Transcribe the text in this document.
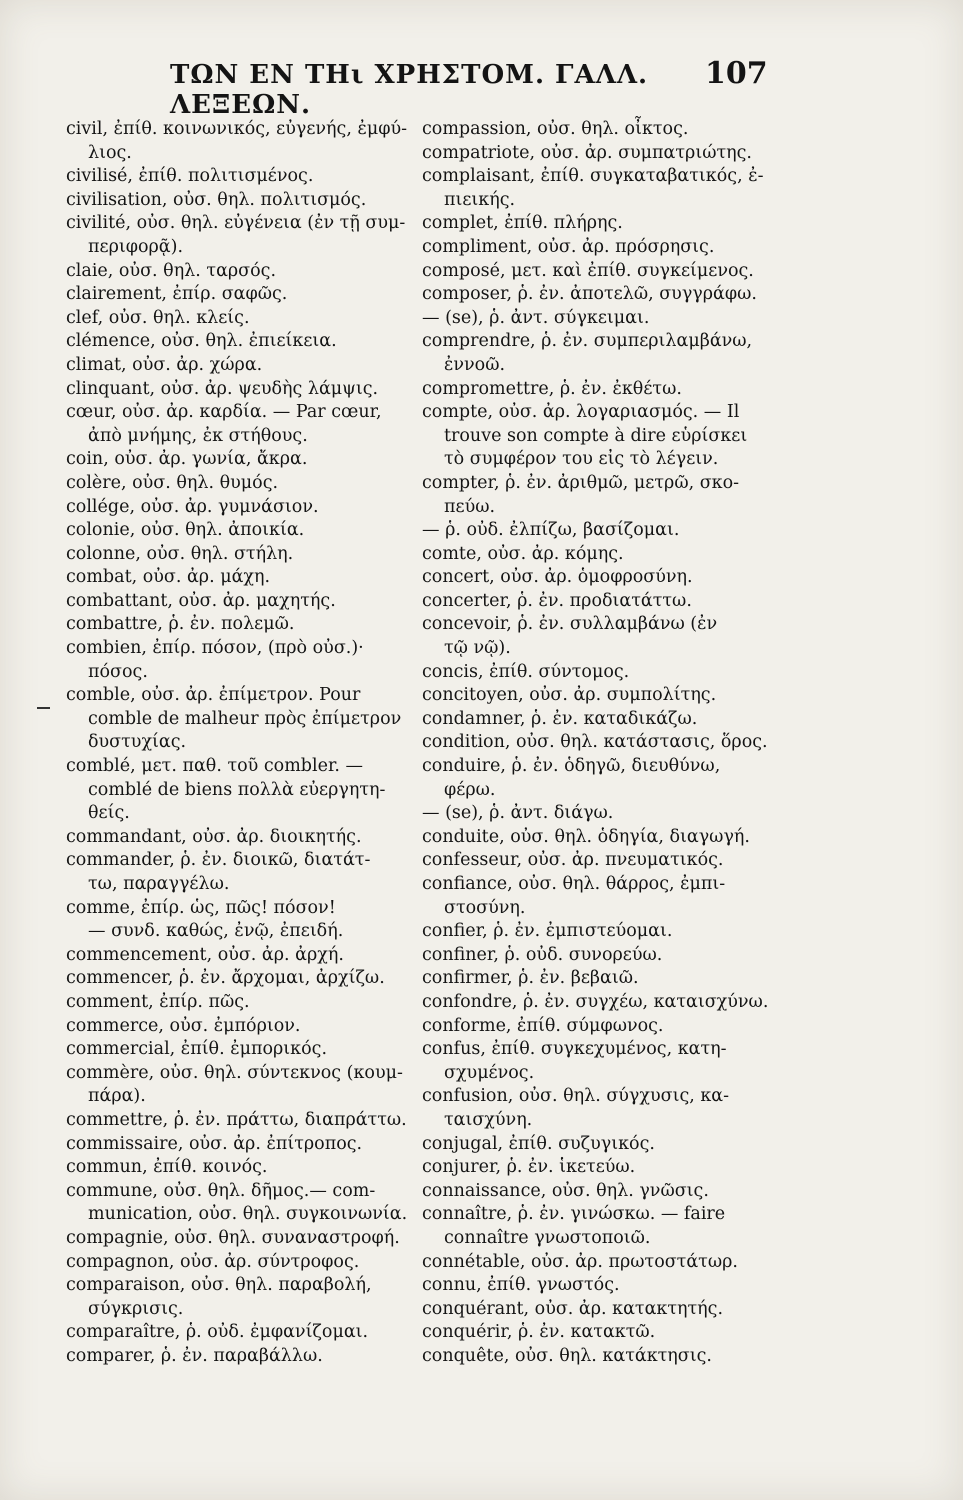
ΤΩΝ ΕΝ ΤΗι ΧΡΗΣΤΟΜ. ΓΑΛΛ. ΛΕΞΕΩΝ.
107
civil, ἐπίθ. κοινωνικός, εὐγενής, ἐμφύ-
λιος.
civilisé, ἐπίθ. πολιτισμένος.
civilisation, οὐσ. θηλ. πολιτισμός.
civilité, οὐσ. θηλ. εὐγένεια (ἐν τῇ συμ-
περιφορᾷ).
claie, οὐσ. θηλ. ταρσός.
clairement, ἐπίρ. σαφῶς.
clef, οὐσ. θηλ. κλείς.
clémence, οὐσ. θηλ. ἐπιείκεια.
climat, οὐσ. ἀρ. χώρα.
clinquant, οὐσ. ἀρ. ψευδὴς λάμψις.
cœur, οὐσ. ἀρ. καρδία. — Par cœur,
ἀπὸ μνήμης, ἐκ στήθους.
coin, οὐσ. ἀρ. γωνία, ἄκρα.
colère, οὐσ. θηλ. θυμός.
collége, οὐσ. ἀρ. γυμνάσιον.
colonie, οὐσ. θηλ. ἀποικία.
colonne, οὐσ. θηλ. στήλη.
combat, οὐσ. ἀρ. μάχη.
combattant, οὐσ. ἀρ. μαχητής.
combattre, ῥ. ἐν. πολεμῶ.
combien, ἐπίρ. πόσον, (πρὸ οὐσ.)·
πόσος.
comble, οὐσ. ἀρ. ἐπίμετρον. Pour
comble de malheur πρὸς ἐπίμετρον
δυστυχίας.
comblé, μετ. παθ. τοῦ combler. —
comblé de biens πολλὰ εὐεργητη-
θείς.
commandant, οὐσ. ἀρ. διοικητής.
commander, ῥ. ἐν. διοικῶ, διατάτ-
τω, παραγγέλω.
comme, ἐπίρ. ὡς, πῶς! πόσον!
— συνδ. καθώς, ἐνῷ, ἐπειδή.
commencement, οὐσ. ἀρ. ἀρχή.
commencer, ῥ. ἐν. ἄρχομαι, ἀρχίζω.
comment, ἐπίρ. πῶς.
commerce, οὐσ. ἐμπόριον.
commercial, ἐπίθ. ἐμπορικός.
commère, οὐσ. θηλ. σύντεκνος (κουμ-
πάρα).
commettre, ῥ. ἐν. πράττω, διαπράττω.
commissaire, οὐσ. ἀρ. ἐπίτροπος.
commun, ἐπίθ. κοινός.
commune, οὐσ. θηλ. δῆμος.— com-
munication, οὐσ. θηλ. συγκοινωνία.
compagnie, οὐσ. θηλ. συναναστροφή.
compagnon, οὐσ. ἀρ. σύντροφος.
comparaison, οὐσ. θηλ. παραβολή,
σύγκρισις.
comparaître, ῥ. οὐδ. ἐμφανίζομαι.
comparer, ῥ. ἐν. παραβάλλω.
compassion, οὐσ. θηλ. οἶκτος.
compatriote, οὐσ. ἀρ. συμπατριώτης.
complaisant, ἐπίθ. συγκαταβατικός, ἐ-
πιεικής.
complet, ἐπίθ. πλήρης.
compliment, οὐσ. ἀρ. πρόσρησις.
composé, μετ. καὶ ἐπίθ. συγκείμενος.
composer, ῥ. ἐν. ἀποτελῶ, συγγράφω.
— (se), ῥ. ἀντ. σύγκειμαι.
comprendre, ῥ. ἐν. συμπεριλαμβάνω,
ἐννοῶ.
compromettre, ῥ. ἐν. ἐκθέτω.
compte, οὐσ. ἀρ. λογαριασμός. — Il
trouve son compte à dire εὑρίσκει
τὸ συμφέρον του εἰς τὸ λέγειν.
compter, ῥ. ἐν. ἀριθμῶ, μετρῶ, σκο-
πεύω.
— ῥ. οὐδ. ἐλπίζω, βασίζομαι.
comte, οὐσ. ἀρ. κόμης.
concert, οὐσ. ἀρ. ὁμοφροσύνη.
concerter, ῥ. ἐν. προδιατάττω.
concevoir, ῥ. ἐν. συλλαμβάνω (ἐν
τῷ νῷ).
concis, ἐπίθ. σύντομος.
concitoyen, οὐσ. ἀρ. συμπολίτης.
condamner, ῥ. ἐν. καταδικάζω.
condition, οὐσ. θηλ. κατάστασις, ὅρος.
conduire, ῥ. ἐν. ὁδηγῶ, διευθύνω,
φέρω.
— (se), ῥ. ἀντ. διάγω.
conduite, οὐσ. θηλ. ὁδηγία, διαγωγή.
confesseur, οὐσ. ἀρ. πνευματικός.
confiance, οὐσ. θηλ. θάρρος, ἐμπι-
στοσύνη.
confier, ῥ. ἐν. ἐμπιστεύομαι.
confiner, ῥ. οὐδ. συνορεύω.
confirmer, ῥ. ἐν. βεβαιῶ.
confondre, ῥ. ἐν. συγχέω, καταισχύνω.
conforme, ἐπίθ. σύμφωνος.
confus, ἐπίθ. συγκεχυμένος, κατη-
σχυμένος.
confusion, οὐσ. θηλ. σύγχυσις, κα-
ταισχύνη.
conjugal, ἐπίθ. συζυγικός.
conjurer, ῥ. ἐν. ἱκετεύω.
connaissance, οὐσ. θηλ. γνῶσις.
connaître, ῥ. ἐν. γινώσκω. — faire
connaître γνωστοποιῶ.
connétable, οὐσ. ἀρ. πρωτοστάτωρ.
connu, ἐπίθ. γνωστός.
conquérant, οὐσ. ἀρ. κατακτητής.
conquérir, ῥ. ἐν. κατακτῶ.
conquête, οὐσ. θηλ. κατάκτησις.
